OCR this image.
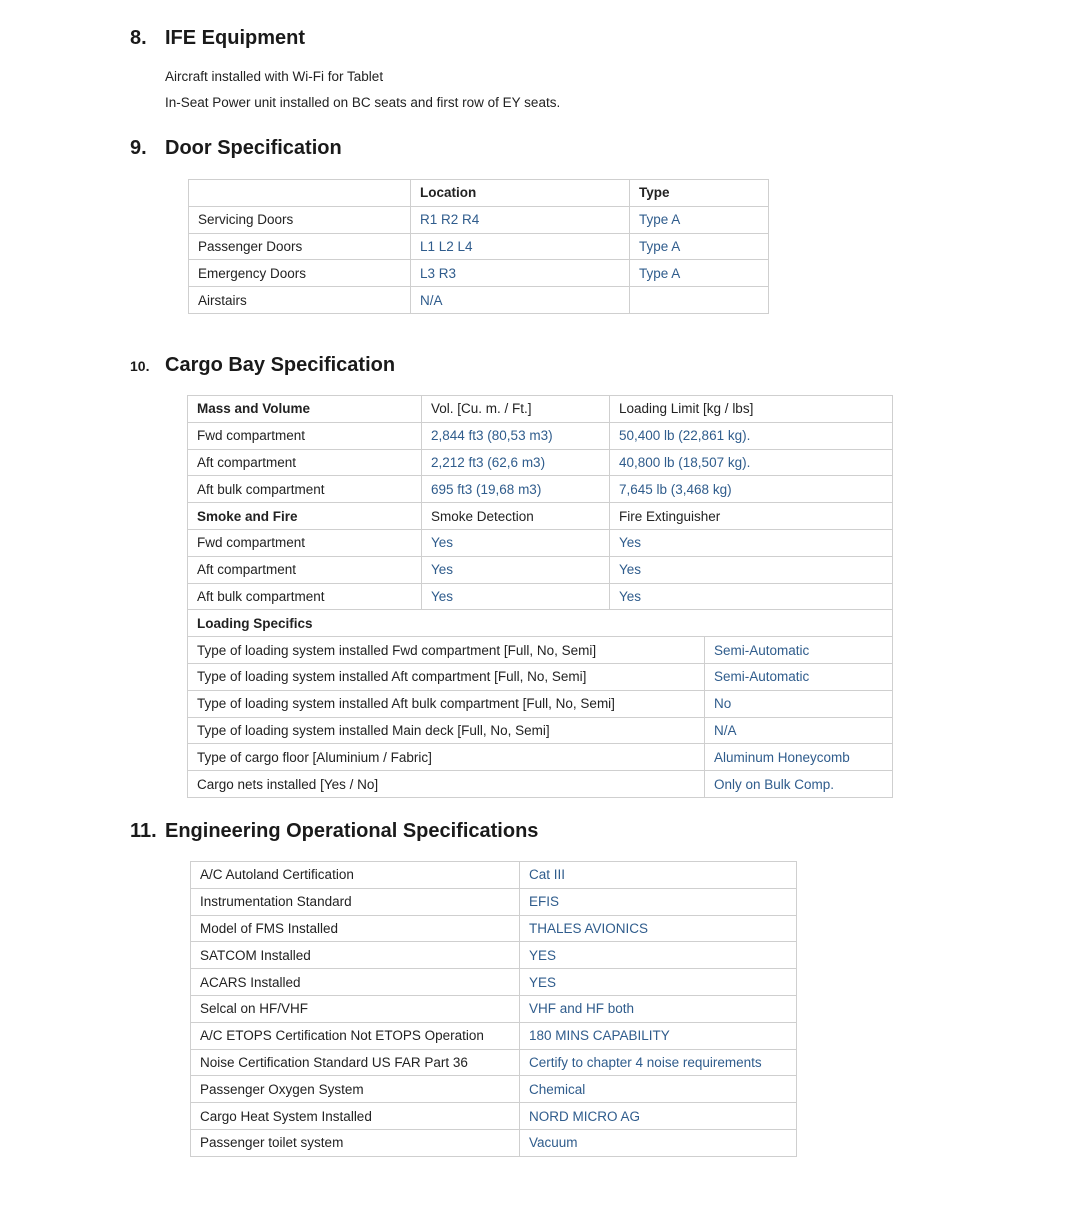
8. IFE Equipment
Aircraft installed with Wi-Fi for Tablet
In-Seat Power unit installed on BC seats and first row of EY seats.
9. Door Specification
	Location	Type
Servicing Doors	R1 R2 R4	Type A
Passenger Doors	L1 L2 L4	Type A
Emergency Doors	L3 R3	Type A
Airstairs	N/A	
10. Cargo Bay Specification
Mass and Volume	Vol. [Cu. m. / Ft.]	Loading Limit [kg / lbs]	
Fwd compartment	2,844 ft3 (80,53 m3)	50,400 lb (22,861 kg).	
Aft compartment	2,212 ft3 (62,6 m3)	40,800 lb (18,507 kg).	
Aft bulk compartment	695 ft3 (19,68 m3)	7,645 lb (3,468 kg)	
Smoke and Fire	Smoke Detection	Fire Extinguisher	
Fwd compartment	Yes	Yes	
Aft compartment	Yes	Yes	
Aft bulk compartment	Yes	Yes	
Loading Specifics			
Type of loading system installed Fwd compartment [Full, No, Semi]			Semi-Automatic
Type of loading system installed Aft compartment [Full, No, Semi]			Semi-Automatic
Type of loading system installed Aft bulk compartment [Full, No, Semi]			No
Type of loading system installed Main deck [Full, No, Semi]			N/A
Type of cargo floor [Aluminium / Fabric]			Aluminum Honeycomb
Cargo nets installed [Yes / No]			Only on Bulk Comp.
11. Engineering Operational Specifications
A/C Autoland Certification	Cat III
Instrumentation Standard	EFIS
Model of FMS Installed	THALES AVIONICS
SATCOM Installed	YES
ACARS Installed	YES
Selcal on HF/VHF	VHF and HF both
A/C ETOPS Certification Not ETOPS Operation	180 MINS CAPABILITY
Noise Certification Standard US FAR Part 36	Certify to chapter 4 noise requirements
Passenger Oxygen System	Chemical
Cargo Heat System Installed	NORD MICRO AG
Passenger toilet system	Vacuum
